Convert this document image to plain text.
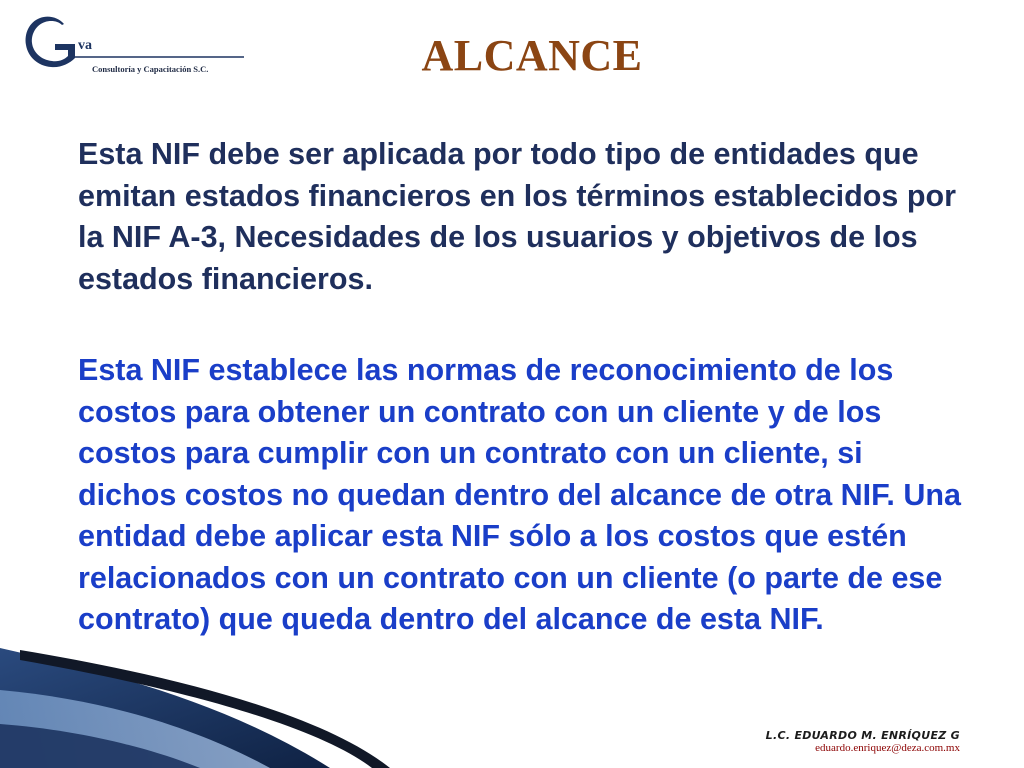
va
Consultoría y Capacitación S.C.	ALCANCE
Esta NIF debe ser aplicada por todo tipo de entidades que emitan estados financieros en los términos establecidos por la NIF A-3, Necesidades de los usuarios y objetivos de los estados financieros.
Esta NIF establece las normas de reconocimiento de los costos para obtener un contrato con un cliente y de los costos para cumplir con un contrato con un cliente, si dichos costos no quedan dentro del alcance de otra NIF. Una entidad debe aplicar esta NIF sólo a los costos que estén relacionados con un contrato con un cliente (o parte de ese contrato) que queda dentro del alcance de esta NIF.
L.C. EDUARDO M. ENRÍQUEZ G
eduardo.enriquez@deza.com.mx
